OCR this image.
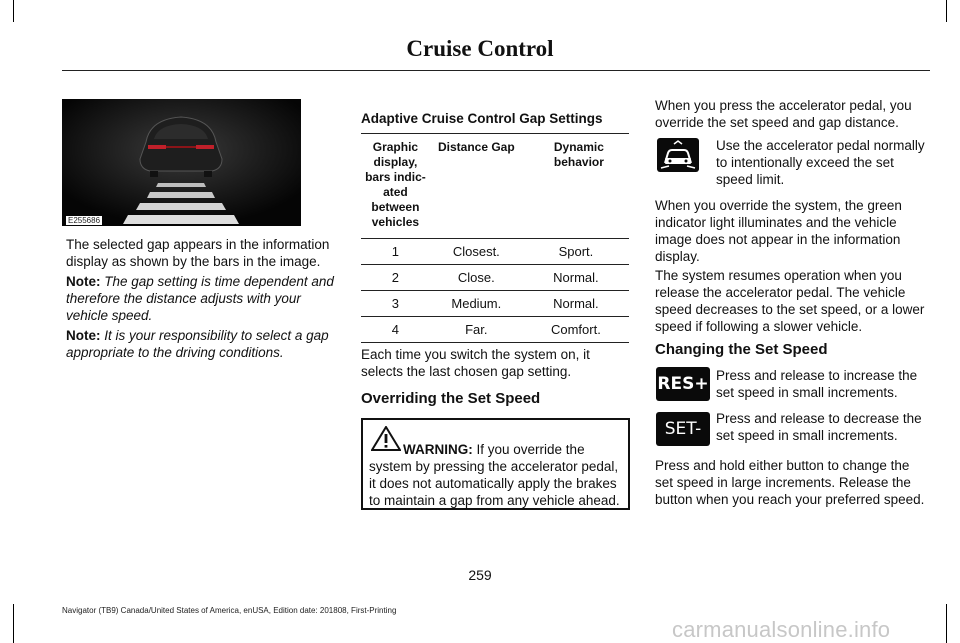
Cruise Control
E255686

The selected gap appears in the information display as shown by the bars in the image.

Note: The gap setting is time dependent and therefore the distance adjusts with your vehicle speed.

Note: It is your responsibility to select a gap appropriate to the driving conditions.

Adaptive Cruise Control Gap Settings
Graphic display, bars indic- ated between vehicles	Distance Gap	Dynamic behavior
1	Closest.	Sport.
2	Close.	Normal.
3	Medium.	Normal.
4	Far.	Comfort.

Each time you switch the system on, it selects the last chosen gap setting.

Overriding the Set Speed
WARNING: If you override the system by pressing the accelerator pedal, it does not automatically apply the brakes to maintain a gap from any vehicle ahead.

When you press the accelerator pedal, you override the set speed and gap distance.

Use the accelerator pedal normally to intentionally exceed the set speed limit.

When you override the system, the green indicator light illuminates and the vehicle image does not appear in the information display.

The system resumes operation when you release the accelerator pedal. The vehicle speed decreases to the set speed, or a lower speed if following a slower vehicle.

Changing the Set Speed
RES+ Press and release to increase the set speed in small increments.

SET-

Press and release to decrease the set speed in small increments.

Press and hold either button to change the set speed in large increments. Release the button when you reach your preferred speed.

259
Navigator (TB9) Canada/United States of America, enUSA, Edition date: 201808, First-Printing
carmanualsonline.info
